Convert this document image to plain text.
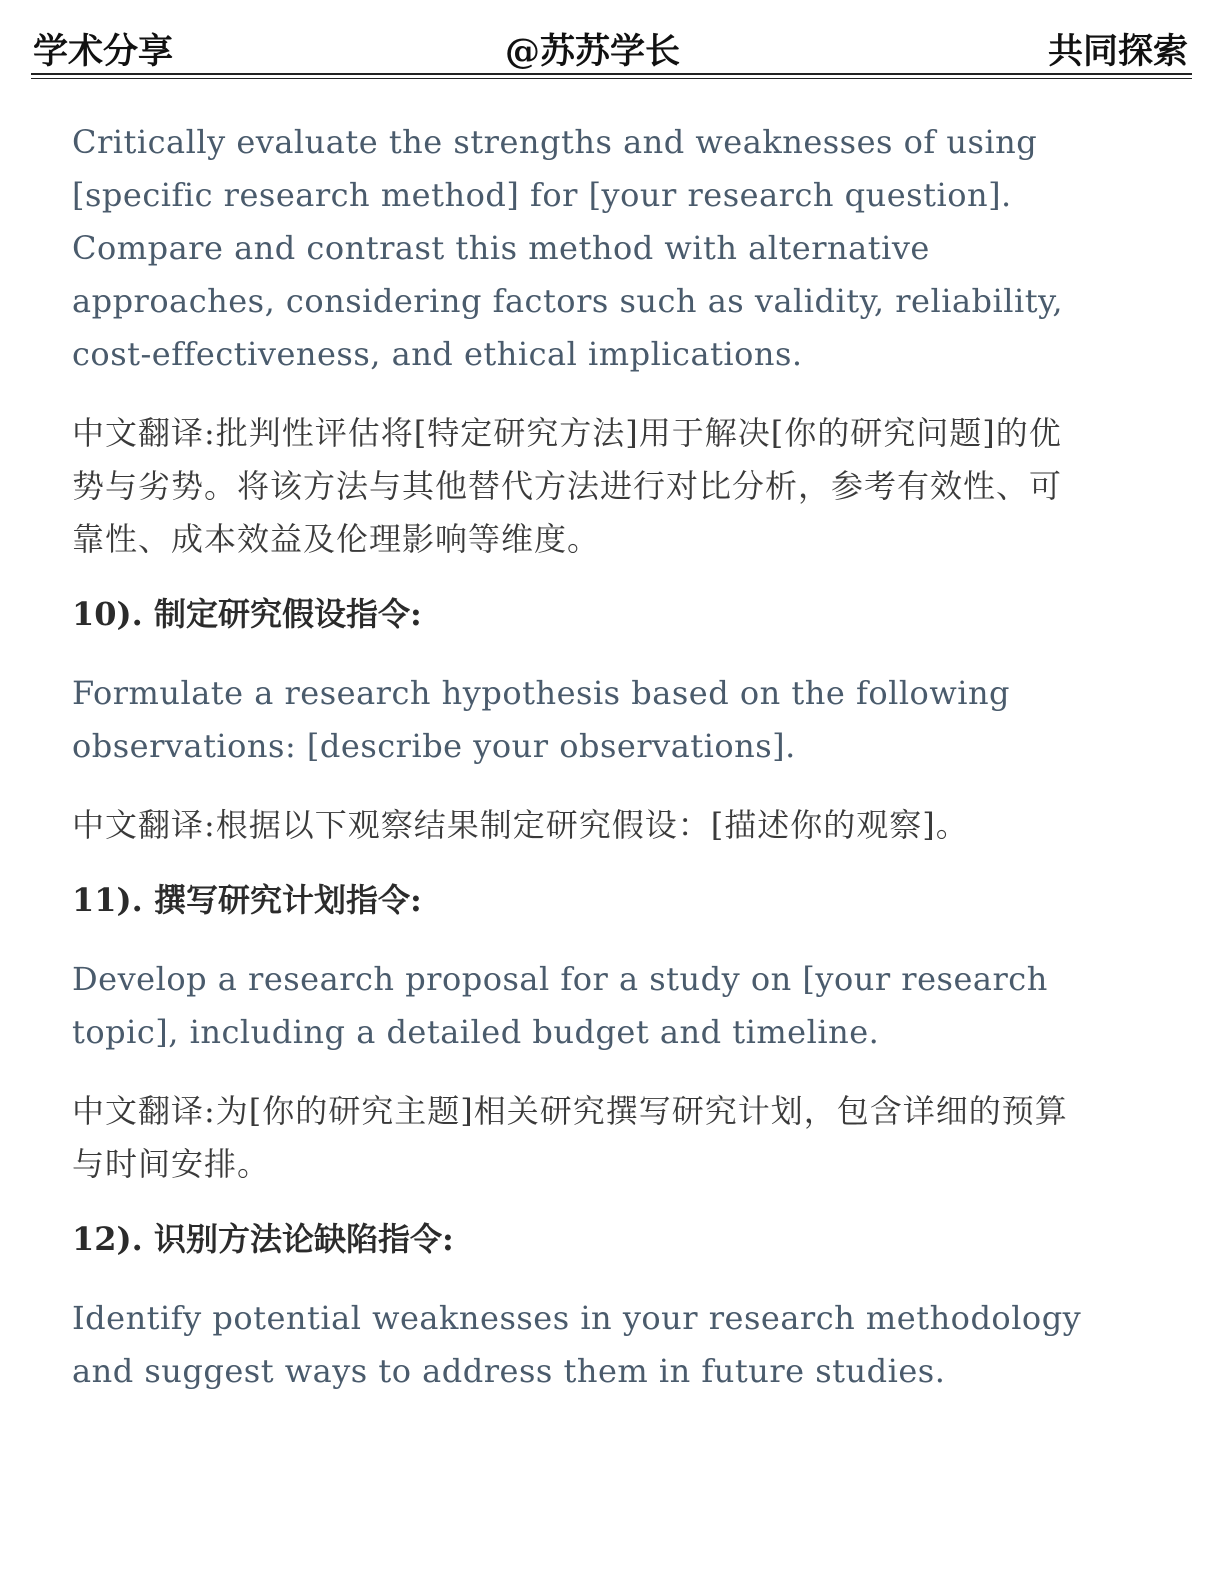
学术分享	@苏苏学长	共同探索
Critically evaluate the strengths and weaknesses of using
[specific research method] for [your research question].
Compare and contrast this method with alternative
approaches, considering factors such as validity, reliability,
cost-effectiveness, and ethical implications.
中文翻译:批判性评估将[特定研究方法]用于解决[你的研究问题]的优
势与劣势。将该方法与其他替代方法进行对比分析，参考有效性、可
靠性、成本效益及伦理影响等维度。
10). 制定研究假设指令:
Formulate a research hypothesis based on the following
observations: [describe your observations].
中文翻译:根据以下观察结果制定研究假设：[描述你的观察]。
11). 撰写研究计划指令:
Develop a research proposal for a study on [your research
topic], including a detailed budget and timeline.
中文翻译:为[你的研究主题]相关研究撰写研究计划，包含详细的预算
与时间安排。
12). 识别方法论缺陷指令:
Identify potential weaknesses in your research methodology
and suggest ways to address them in future studies.
